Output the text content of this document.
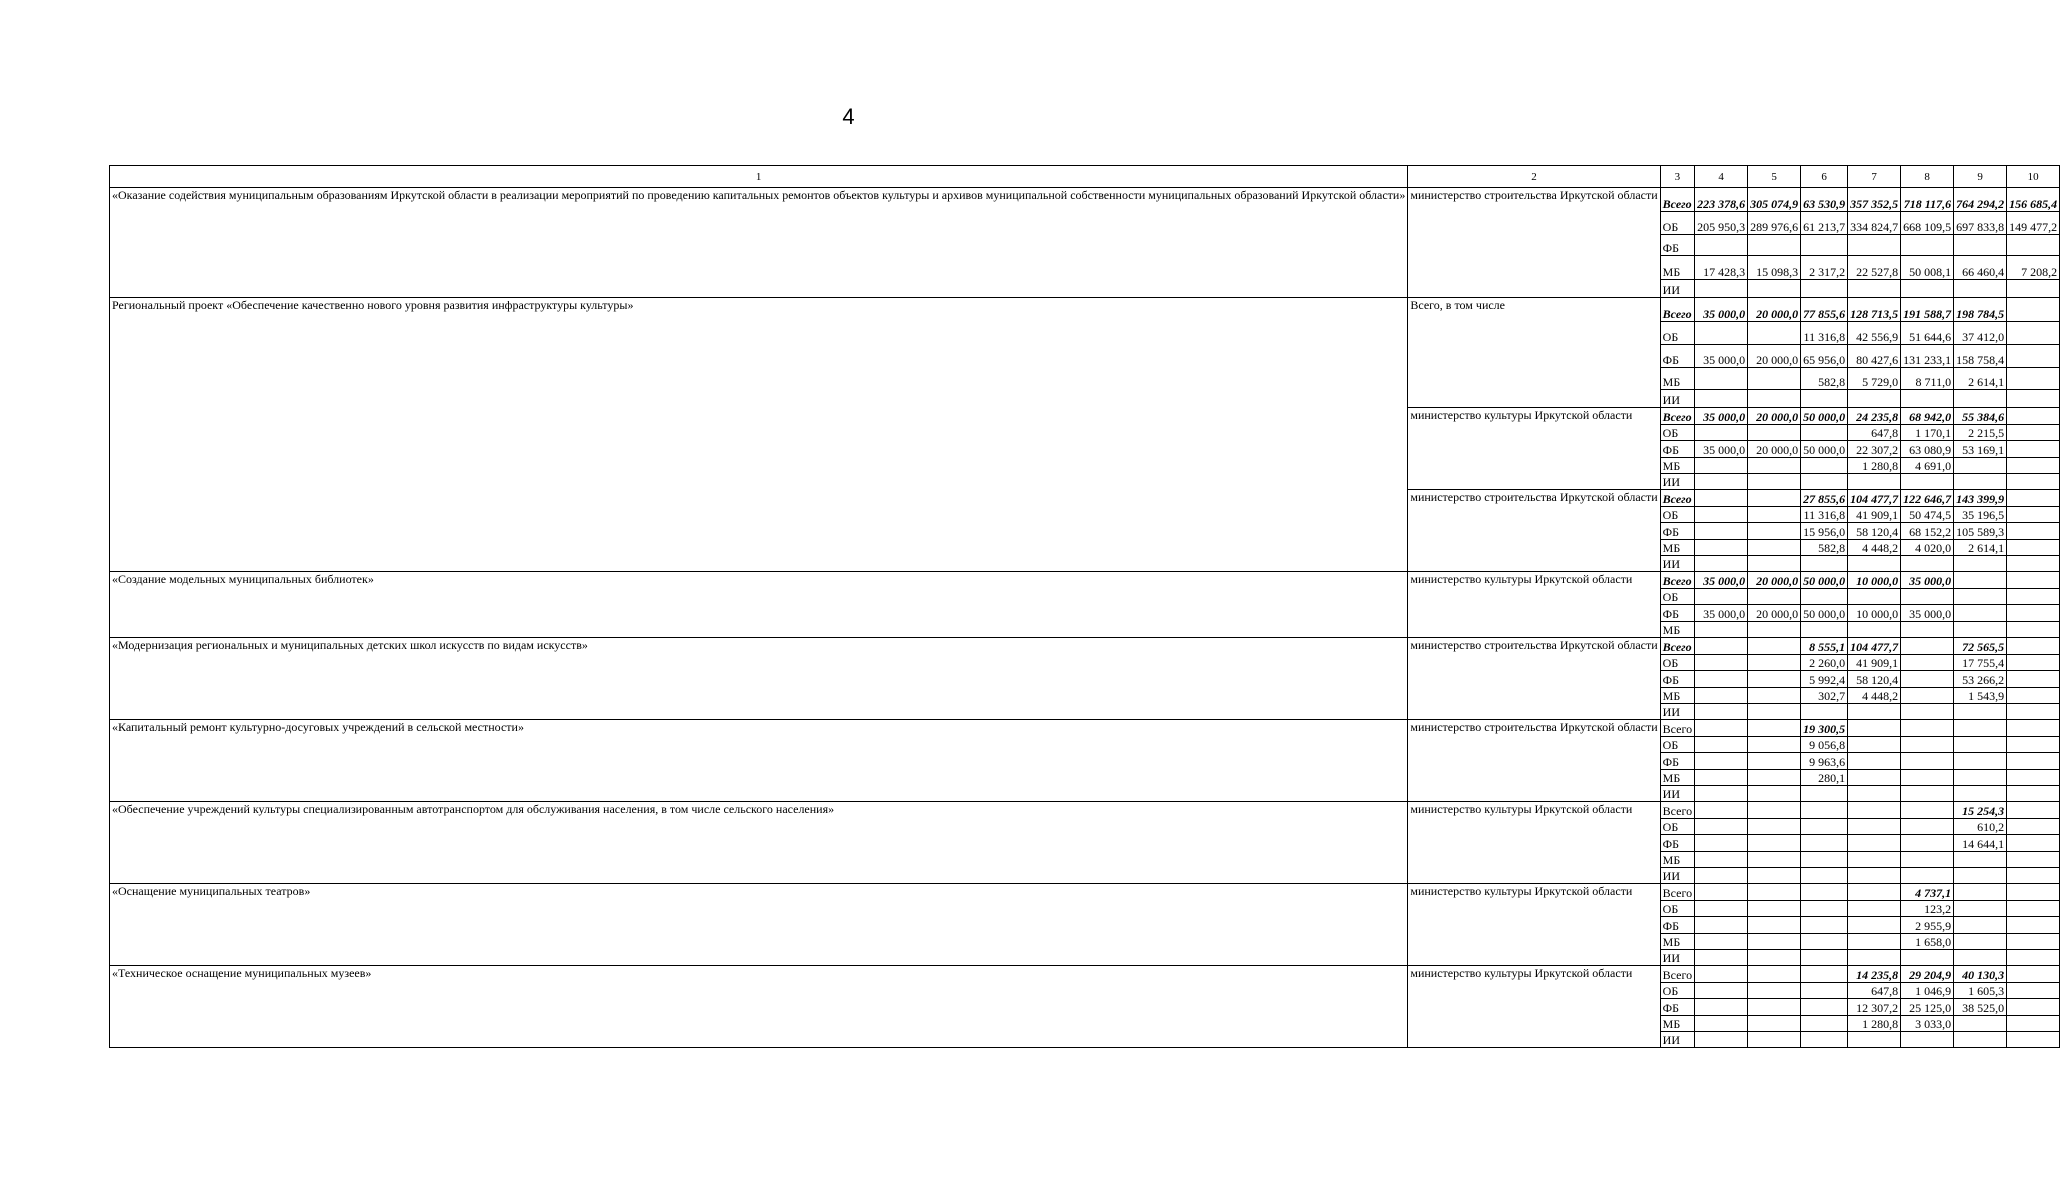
4
1	2	3	4	5	6	7	8	9	10
«Оказание содействия муниципальным образованиям Иркутской области в реализации мероприятий по проведению капитальных ремонтов объектов культуры и архивов муниципальной собственности муниципальных образований Иркутской области»	министерство строительства Иркутской области	Всего	223 378,6	305 074,9	63 530,9	357 352,5	718 117,6	764 294,2	156 685,4
		ОБ	205 950,3	289 976,6	61 213,7	334 824,7	668 109,5	697 833,8	149 477,2
		ФБ							
		МБ	17 428,3	15 098,3	2 317,2	22 527,8	50 008,1	66 460,4	7 208,2
		ИИ							
Региональный проект «Обеспечение качественно нового уровня развития инфраструктуры культуры»	Всего, в том числе	Всего	35 000,0	20 000,0	77 855,6	128 713,5	191 588,7	198 784,5	
		ОБ			11 316,8	42 556,9	51 644,6	37 412,0	
		ФБ	35 000,0	20 000,0	65 956,0	80 427,6	131 233,1	158 758,4	
		МБ			582,8	5 729,0	8 711,0	2 614,1	
		ИИ							
	министерство культуры Иркутской области	Всего	35 000,0	20 000,0	50 000,0	24 235,8	68 942,0	55 384,6	
		ОБ				647,8	1 170,1	2 215,5	
		ФБ	35 000,0	20 000,0	50 000,0	22 307,2	63 080,9	53 169,1	
		МБ				1 280,8	4 691,0		
		ИИ							
	министерство строительства Иркутской области	Всего			27 855,6	104 477,7	122 646,7	143 399,9	
		ОБ			11 316,8	41 909,1	50 474,5	35 196,5	
		ФБ			15 956,0	58 120,4	68 152,2	105 589,3	
		МБ			582,8	4 448,2	4 020,0	2 614,1	
		ИИ							
«Создание модельных муниципальных библиотек»	министерство культуры Иркутской области	Всего	35 000,0	20 000,0	50 000,0	10 000,0	35 000,0		
		ОБ							
		ФБ	35 000,0	20 000,0	50 000,0	10 000,0	35 000,0		
		МБ							
«Модернизация региональных и муниципальных детских школ искусств по видам искусств»	министерство строительства Иркутской области	Всего			8 555,1	104 477,7		72 565,5	
		ОБ			2 260,0	41 909,1		17 755,4	
		ФБ			5 992,4	58 120,4		53 266,2	
		МБ			302,7	4 448,2		1 543,9	
		ИИ							
«Капитальный ремонт культурно-досуговых учреждений в сельской местности»	министерство строительства Иркутской области	Всего			19 300,5				
		ОБ			9 056,8				
		ФБ			9 963,6				
		МБ			280,1				
		ИИ							
«Обеспечение учреждений культуры специализированным автотранспортом для обслуживания населения, в том числе сельского населения»	министерство культуры Иркутской области	Всего						15 254,3	
		ОБ						610,2	
		ФБ						14 644,1	
		МБ							
		ИИ							
«Оснащение муниципальных театров»	министерство культуры Иркутской области	Всего					4 737,1		
		ОБ					123,2		
		ФБ					2 955,9		
		МБ					1 658,0		
		ИИ							
«Техническое оснащение муниципальных музеев»	министерство культуры Иркутской области	Всего				14 235,8	29 204,9	40 130,3	
		ОБ				647,8	1 046,9	1 605,3	
		ФБ				12 307,2	25 125,0	38 525,0	
		МБ				1 280,8	3 033,0		
		ИИ							
